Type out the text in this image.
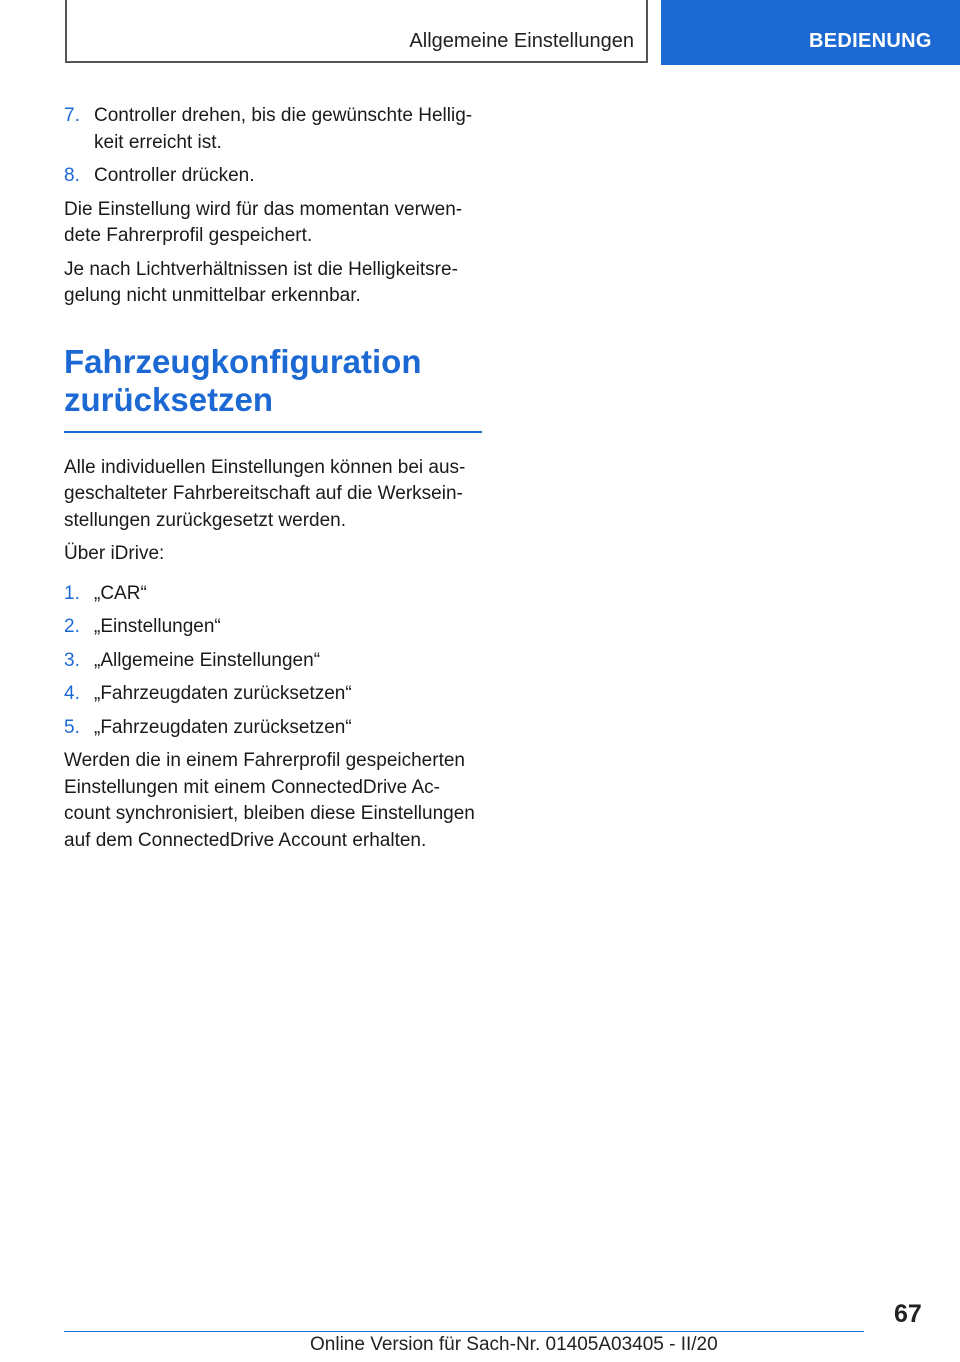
Allgemeine Einstellungen	BEDIENUNG
7. Controller drehen, bis die gewünschte Hellig-keit erreicht ist.
8. Controller drücken.

Die Einstellung wird für das momentan verwen-dete Fahrerprofil gespeichert.

Je nach Lichtverhältnissen ist die Helligkeitsre-gelung nicht unmittelbar erkennbar.

Fahrzeugkonfiguration
zurücksetzen

Alle individuellen Einstellungen können bei aus-geschalteter Fahrbereitschaft auf die Werksein-stellungen zurückgesetzt werden.

Über iDrive:

1. „CAR“
2. „Einstellungen“
3. „Allgemeine Einstellungen“
4. „Fahrzeugdaten zurücksetzen“
5. „Fahrzeugdaten zurücksetzen“

Werden die in einem Fahrerprofil gespeicherten Einstellungen mit einem ConnectedDrive Ac-count synchronisiert, bleiben diese Einstellungen auf dem ConnectedDrive Account erhalten.

67
Online Version für Sach-Nr. 01405A03405 - II/20
